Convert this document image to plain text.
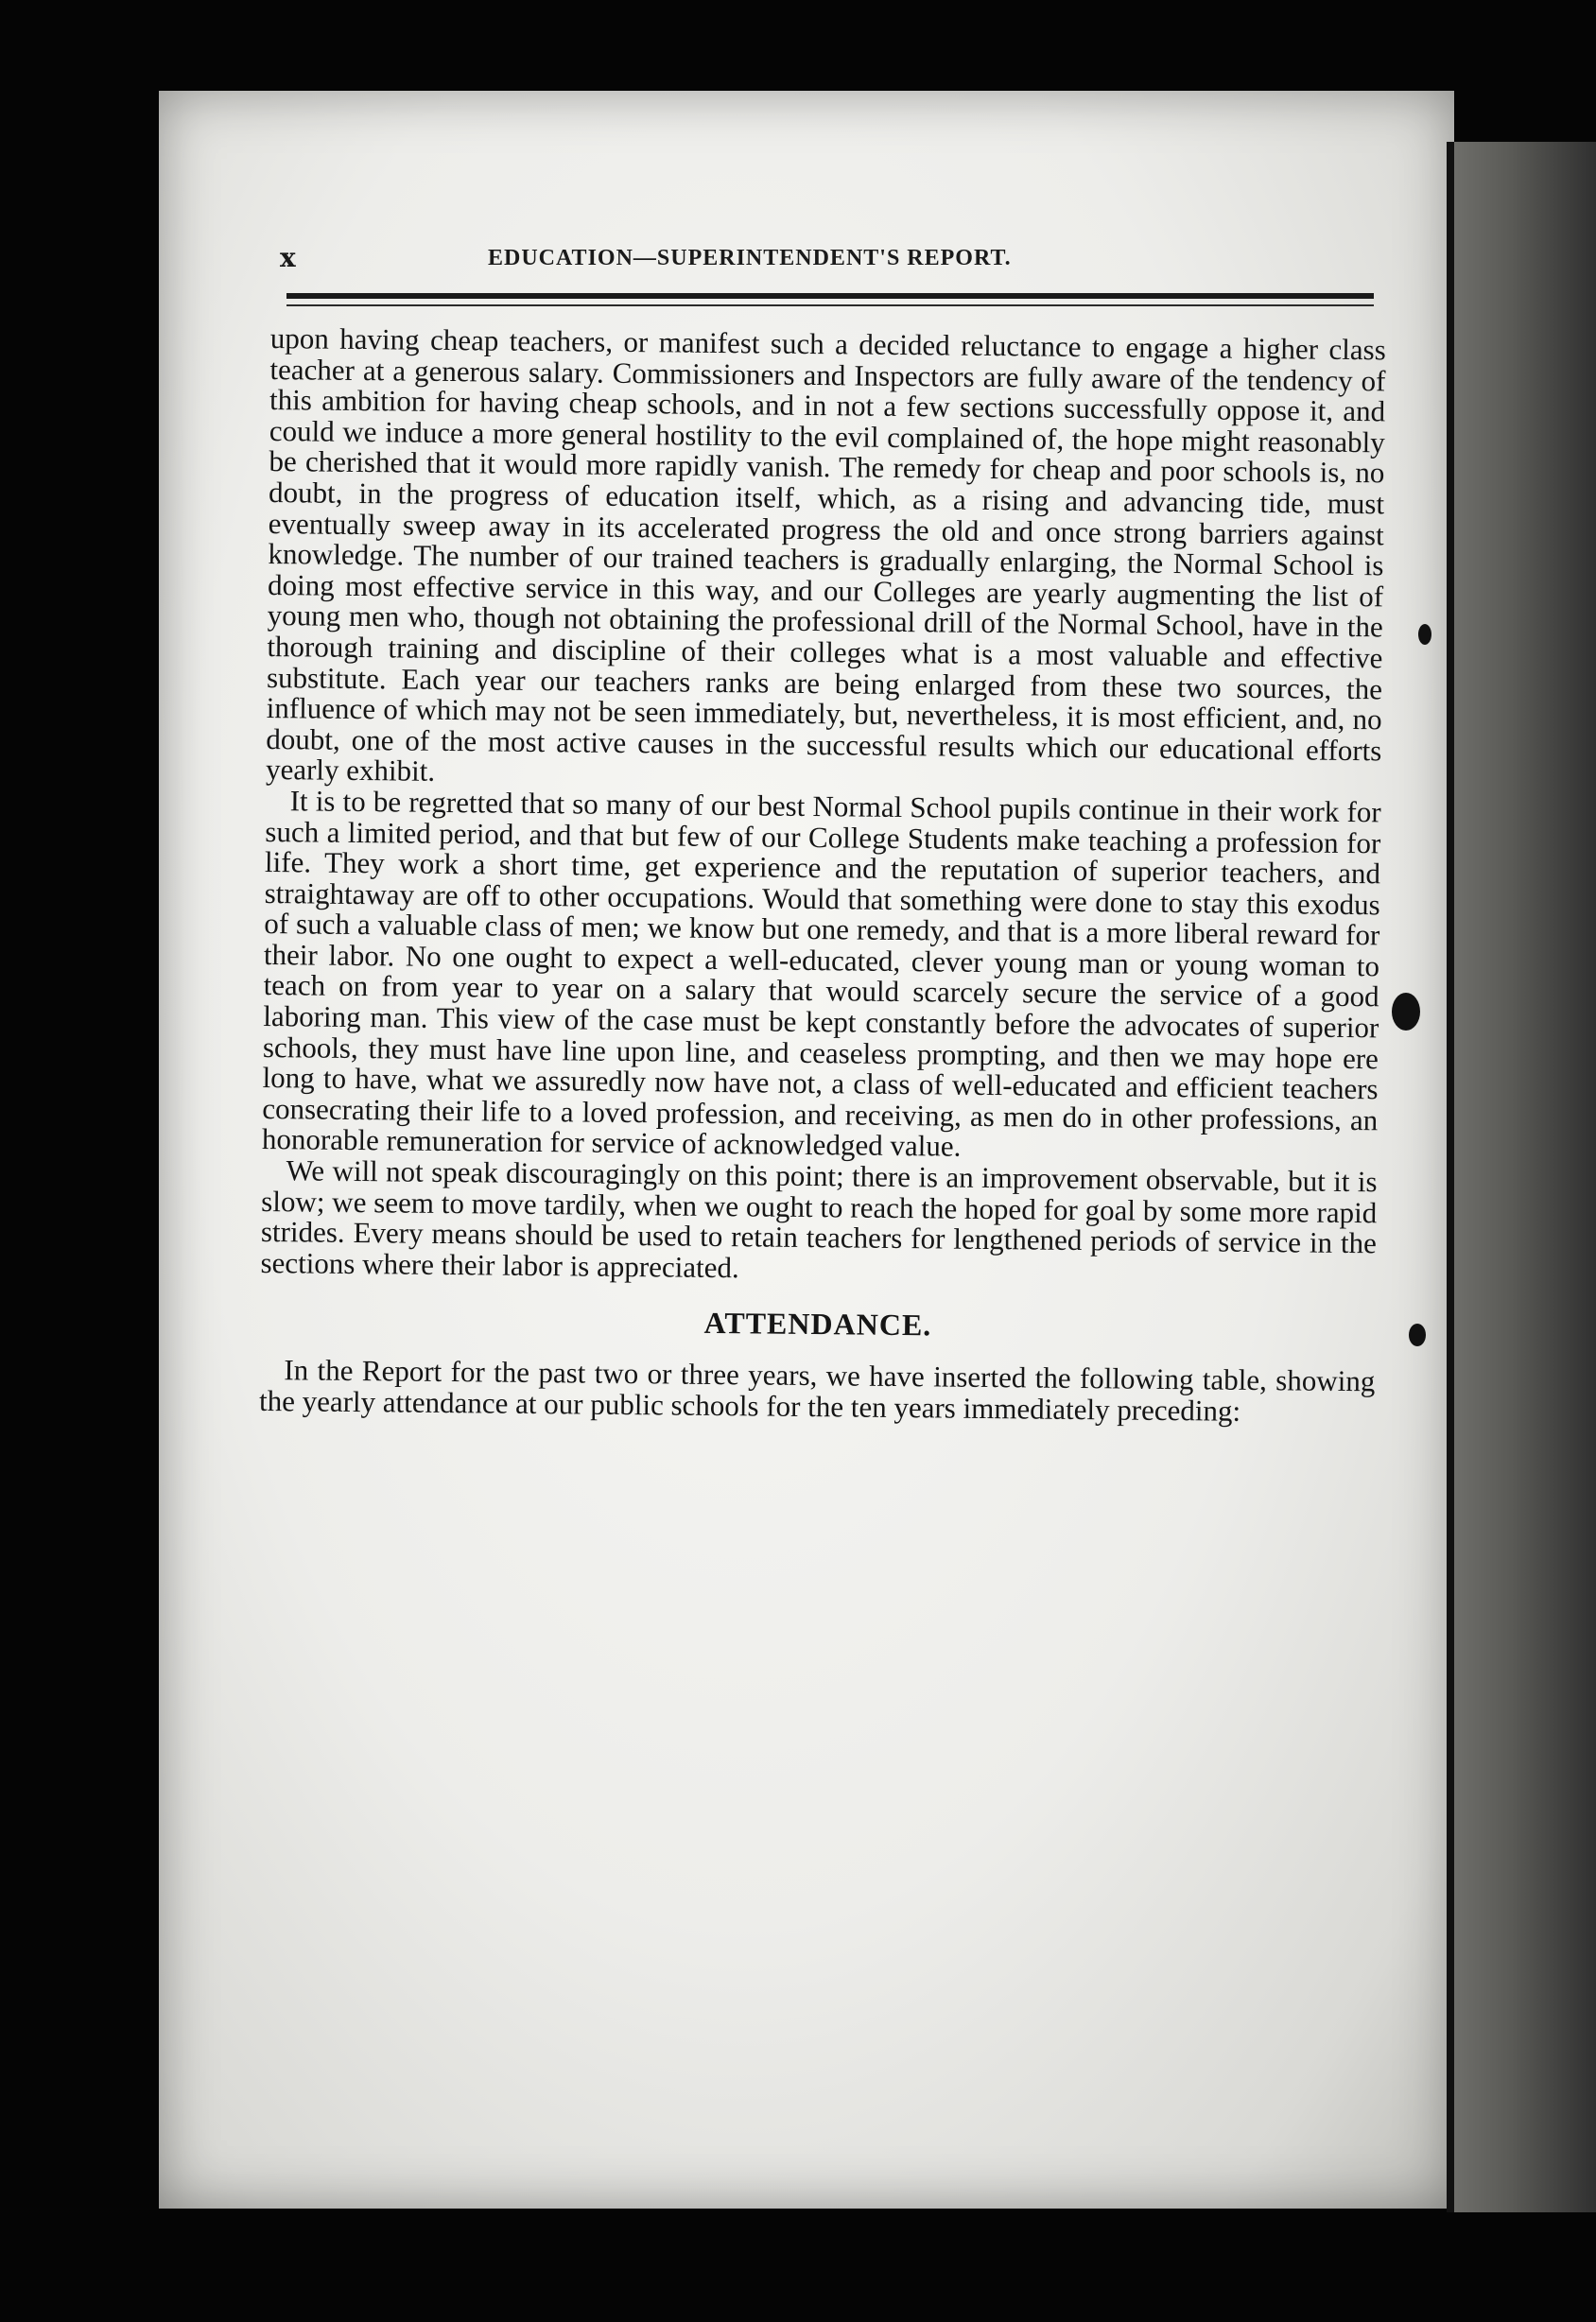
x	EDUCATION—SUPERINTENDENT'S REPORT.

upon having cheap teachers, or manifest such a decided reluctance to engage a higher class teacher at a generous salary. Commissioners and Inspectors are fully aware of the tendency of this ambition for having cheap schools, and in not a few sections successfully oppose it, and could we induce a more general hostility to the evil complained of, the hope might reasonably be cherished that it would more rapidly vanish. The remedy for cheap and poor schools is, no doubt, in the progress of education itself, which, as a rising and advancing tide, must eventually sweep away in its accelerated progress the old and once strong barriers against knowledge. The number of our trained teachers is gradually enlarging, the Normal School is doing most effective service in this way, and our Colleges are yearly augmenting the list of young men who, though not obtaining the professional drill of the Normal School, have in the thorough training and discipline of their colleges what is a most valuable and effective substitute. Each year our teachers ranks are being enlarged from these two sources, the influence of which may not be seen immediately, but, nevertheless, it is most efficient, and, no doubt, one of the most active causes in the successful results which our educational efforts yearly exhibit.

It is to be regretted that so many of our best Normal School pupils continue in their work for such a limited period, and that but few of our College Students make teaching a profession for life. They work a short time, get experience and the reputation of superior teachers, and straightaway are off to other occupations. Would that something were done to stay this exodus of such a valuable class of men; we know but one remedy, and that is a more liberal reward for their labor. No one ought to expect a well-educated, clever young man or young woman to teach on from year to year on a salary that would scarcely secure the service of a good laboring man. This view of the case must be kept constantly before the advocates of superior schools, they must have line upon line, and ceaseless prompting, and then we may hope ere long to have, what we assuredly now have not, a class of well-educated and efficient teachers consecrating their life to a loved profession, and receiving, as men do in other professions, an honorable remuneration for service of acknowledged value.

We will not speak discouragingly on this point; there is an improvement observable, but it is slow; we seem to move tardily, when we ought to reach the hoped for goal by some more rapid strides. Every means should be used to retain teachers for lengthened periods of service in the sections where their labor is appreciated.

ATTENDANCE.

In the Report for the past two or three years, we have inserted the following table, showing the yearly attendance at our public schools for the ten years immediately preceding:
